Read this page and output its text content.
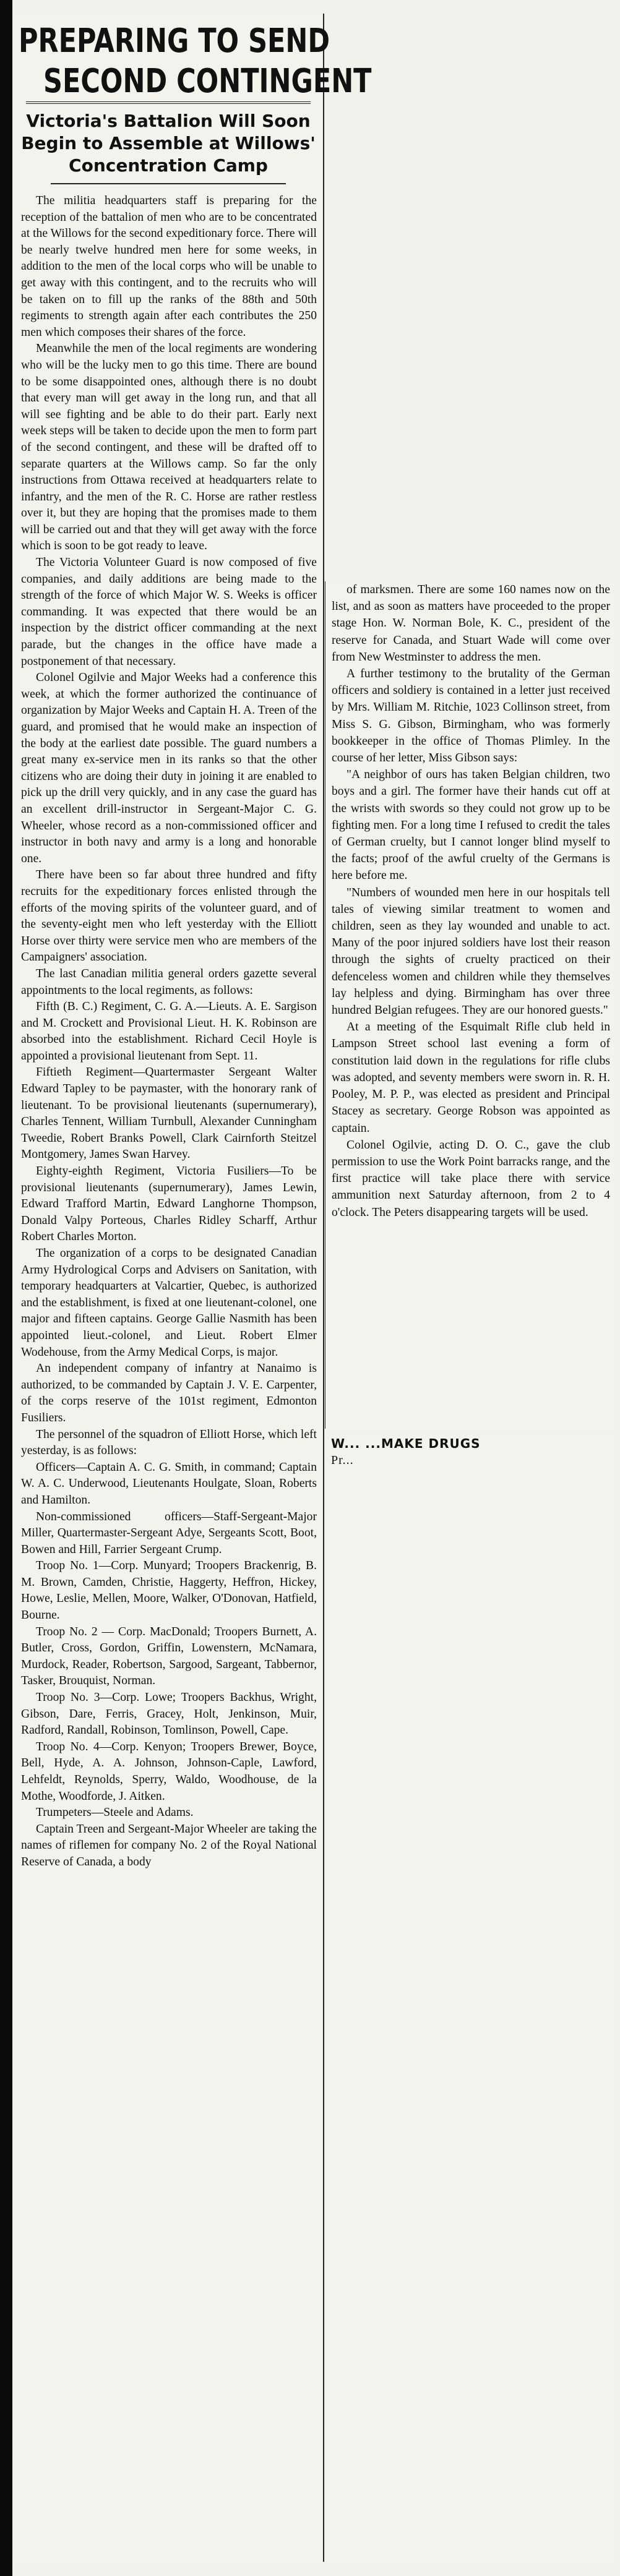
PREPARING TO SEND
SECOND CONTINGENT
Victoria's Battalion Will Soon Begin to Assemble at Willows' Concentration Camp

The militia headquarters staff is preparing for the reception of the battalion of men who are to be concentrated at the Willows for the second expeditionary force. There will be nearly twelve hundred men here for some weeks, in addition to the men of the local corps who will be unable to get away with this contingent, and to the recruits who will be taken on to fill up the ranks of the 88th and 50th regiments to strength again after each contributes the 250 men which composes their shares of the force.

Meanwhile the men of the local regiments are wondering who will be the lucky men to go this time. There are bound to be some disappointed ones, although there is no doubt that every man will get away in the long run, and that all will see fighting and be able to do their part. Early next week steps will be taken to decide upon the men to form part of the second contingent, and these will be drafted off to separate quarters at the Willows camp. So far the only instructions from Ottawa received at headquarters relate to infantry, and the men of the R. C. Horse are rather restless over it, but they are hoping that the promises made to them will be carried out and that they will get away with the force which is soon to be got ready to leave.

The Victoria Volunteer Guard is now composed of five companies, and daily additions are being made to the strength of the force of which Major W. S. Weeks is officer commanding. It was expected that there would be an inspection by the district officer commanding at the next parade, but the changes in the office have made a postponement of that necessary.

Colonel Ogilvie and Major Weeks had a conference this week, at which the former authorized the continuance of organization by Major Weeks and Captain H. A. Treen of the guard, and promised that he would make an inspection of the body at the earliest date possible. The guard numbers a great many ex-service men in its ranks so that the other citizens who are doing their duty in joining it are enabled to pick up the drill very quickly, and in any case the guard has an excellent drill-instructor in Sergeant-Major C. G. Wheeler, whose record as a non-commissioned officer and instructor in both navy and army is a long and honorable one.

There have been so far about three hundred and fifty recruits for the expeditionary forces enlisted through the efforts of the moving spirits of the volunteer guard, and of the seventy-eight men who left yesterday with the Elliott Horse over thirty were service men who are members of the Campaigners' association.

The last Canadian militia general orders gazette several appointments to the local regiments, as follows:

Fifth (B. C.) Regiment, C. G. A.—Lieuts. A. E. Sargison and M. Crockett and Provisional Lieut. H. K. Robinson are absorbed into the establishment. Richard Cecil Hoyle is appointed a provisional lieutenant from Sept. 11.

Fiftieth Regiment—Quartermaster Sergeant Walter Edward Tapley to be paymaster, with the honorary rank of lieutenant. To be provisional lieutenants (supernumerary), Charles Tennent, William Turnbull, Alexander Cunningham Tweedie, Robert Branks Powell, Clark Cairnforth Steitzel Montgomery, James Swan Harvey.

Eighty-eighth Regiment, Victoria Fusiliers—To be provisional lieutenants (supernumerary), James Lewin, Edward Trafford Martin, Edward Langhorne Thompson, Donald Valpy Porteous, Charles Ridley Scharff, Arthur Robert Charles Morton.

The organization of a corps to be designated Canadian Army Hydrological Corps and Advisers on Sanitation, with temporary headquarters at Valcartier, Quebec, is authorized and the establishment, is fixed at one lieutenant-colonel, one major and fifteen captains. George Gallie Nasmith has been appointed lieut.-colonel, and Lieut. Robert Elmer Wodehouse, from the Army Medical Corps, is major.

An independent company of infantry at Nanaimo is authorized, to be commanded by Captain J. V. E. Carpenter, of the corps reserve of the 101st regiment, Edmonton Fusiliers.

The personnel of the squadron of Elliott Horse, which left yesterday, is as follows:

Officers—Captain A. C. G. Smith, in command; Captain W. A. C. Underwood, Lieutenants Houlgate, Sloan, Roberts and Hamilton.

Non-commissioned officers—Staff-Sergeant-Major Miller, Quartermaster-Sergeant Adye, Sergeants Scott, Boot, Bowen and Hill, Farrier Sergeant Crump.

Troop No. 1—Corp. Munyard; Troopers Brackenrig, B. M. Brown, Camden, Christie, Haggerty, Heffron, Hickey, Howe, Leslie, Mellen, Moore, Walker, O'Donovan, Hatfield, Bourne.

Troop No. 2 — Corp. MacDonald; Troopers Burnett, A. Butler, Cross, Gordon, Griffin, Lowenstern, McNamara, Murdock, Reader, Robertson, Sargood, Sargeant, Tabbernor, Tasker, Brouquist, Norman.

Troop No. 3—Corp. Lowe; Troopers Backhus, Wright, Gibson, Dare, Ferris, Gracey, Holt, Jenkinson, Muir, Radford, Randall, Robinson, Tomlinson, Powell, Cape.

Troop No. 4—Corp. Kenyon; Troopers Brewer, Boyce, Bell, Hyde, A. A. Johnson, Johnson-Caple, Lawford, Lehfeldt, Reynolds, Sperry, Waldo, Woodhouse, de la Mothe, Woodforde, J. Aitken.

Trumpeters—Steele and Adams.

Captain Treen and Sergeant-Major Wheeler are taking the names of riflemen for company No. 2 of the Royal National Reserve of Canada, a body

of marksmen. There are some 160 names now on the list, and as soon as matters have proceeded to the proper stage Hon. W. Norman Bole, K. C., president of the reserve for Canada, and Stuart Wade will come over from New Westminster to address the men.

A further testimony to the brutality of the German officers and soldiery is contained in a letter just received by Mrs. William M. Ritchie, 1023 Collinson street, from Miss S. G. Gibson, Birmingham, who was formerly bookkeeper in the office of Thomas Plimley. In the course of her letter, Miss Gibson says:

"A neighbor of ours has taken Belgian children, two boys and a girl. The former have their hands cut off at the wrists with swords so they could not grow up to be fighting men. For a long time I refused to credit the tales of German cruelty, but I cannot longer blind myself to the facts; proof of the awful cruelty of the Germans is here before me.

"Numbers of wounded men here in our hospitals tell tales of viewing similar treatment to women and children, seen as they lay wounded and unable to act. Many of the poor injured soldiers have lost their reason through the sights of cruelty practiced on their defenceless women and children while they themselves lay helpless and dying. Birmingham has over three hundred Belgian refugees. They are our honored guests."

At a meeting of the Esquimalt Rifle club held in Lampson Street school last evening a form of constitution laid down in the regulations for rifle clubs was adopted, and seventy members were sworn in. R. H. Pooley, M. P. P., was elected as president and Principal Stacey as secretary. George Robson was appointed as captain.

Colonel Ogilvie, acting D. O. C., gave the club permission to use the Work Point barracks range, and the first practice will take place there with service ammunition next Saturday afternoon, from 2 to 4 o'clock. The Peters disappearing targets will be used.

W... ...MAKE DRUGS
Pr...
